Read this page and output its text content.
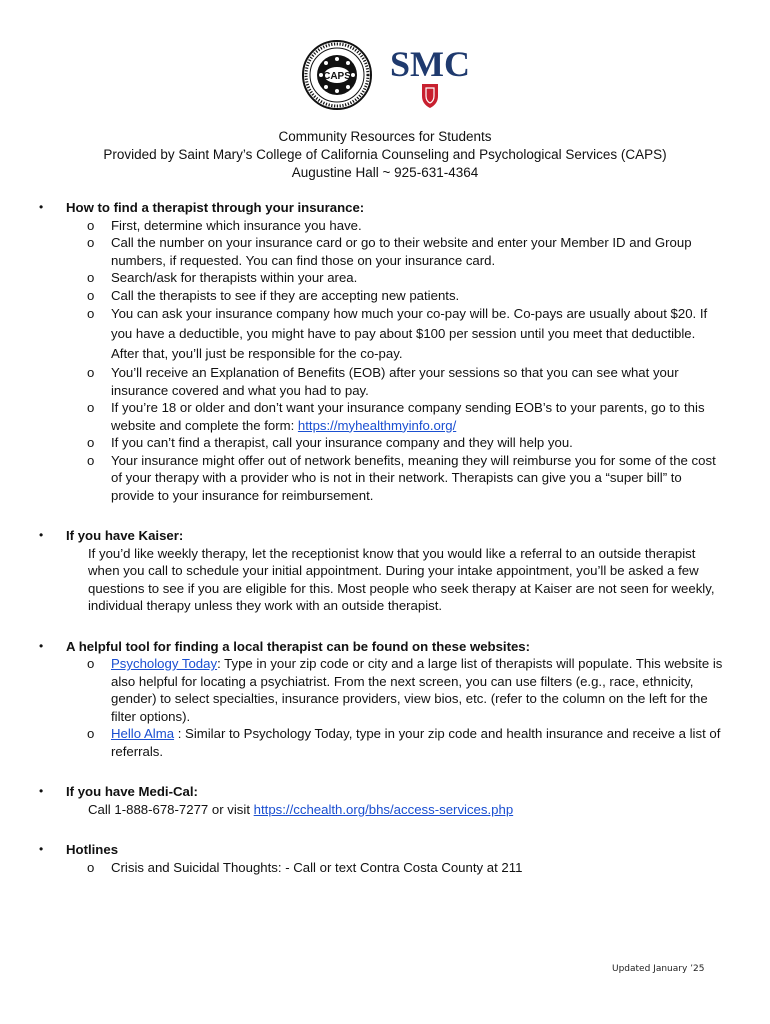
CAPS SMC
Community Resources for Students
Provided by Saint Mary’s College of California Counseling and Psychological Services (CAPS)
Augustine Hall ~ 925-631-4364
• How to find a therapist through your insurance:
o First, determine which insurance you have.
o Call the number on your insurance card or go to their website and enter your Member ID and Group numbers, if requested. You can find those on your insurance card.
o Search/ask for therapists within your area.
o Call the therapists to see if they are accepting new patients.
o You can ask your insurance company how much your co-pay will be. Co-pays are usually about $20. If you have a deductible, you might have to pay about $100 per session until you meet that deductible. After that, you’ll just be responsible for the co-pay.
o You’ll receive an Explanation of Benefits (EOB) after your sessions so that you can see what your insurance covered and what you had to pay.
o If you’re 18 or older and don’t want your insurance company sending EOB’s to your parents, go to this website and complete the form: https://myhealthmyinfo.org/
o If you can’t find a therapist, call your insurance company and they will help you.
o Your insurance might offer out of network benefits, meaning they will reimburse you for some of the cost of your therapy with a provider who is not in their network. Therapists can give you a “super bill” to provide to your insurance for reimbursement.
• If you have Kaiser:
If you’d like weekly therapy, let the receptionist know that you would like a referral to an outside therapist when you call to schedule your initial appointment. During your intake appointment, you’ll be asked a few questions to see if you are eligible for this. Most people who seek therapy at Kaiser are not seen for weekly, individual therapy unless they work with an outside therapist.
• A helpful tool for finding a local therapist can be found on these websites:
o Psychology Today: Type in your zip code or city and a large list of therapists will populate. This website is also helpful for locating a psychiatrist. From the next screen, you can use filters (e.g., race, ethnicity, gender) to select specialties, insurance providers, view bios, etc. (refer to the column on the left for the filter options).
o Hello Alma : Similar to Psychology Today, type in your zip code and health insurance and receive a list of referrals.
• If you have Medi-Cal:
Call 1-888-678-7277 or visit https://cchealth.org/bhs/access-services.php
• Hotlines
o Crisis and Suicidal Thoughts: - Call or text Contra Costa County at 211
Updated January ’25
